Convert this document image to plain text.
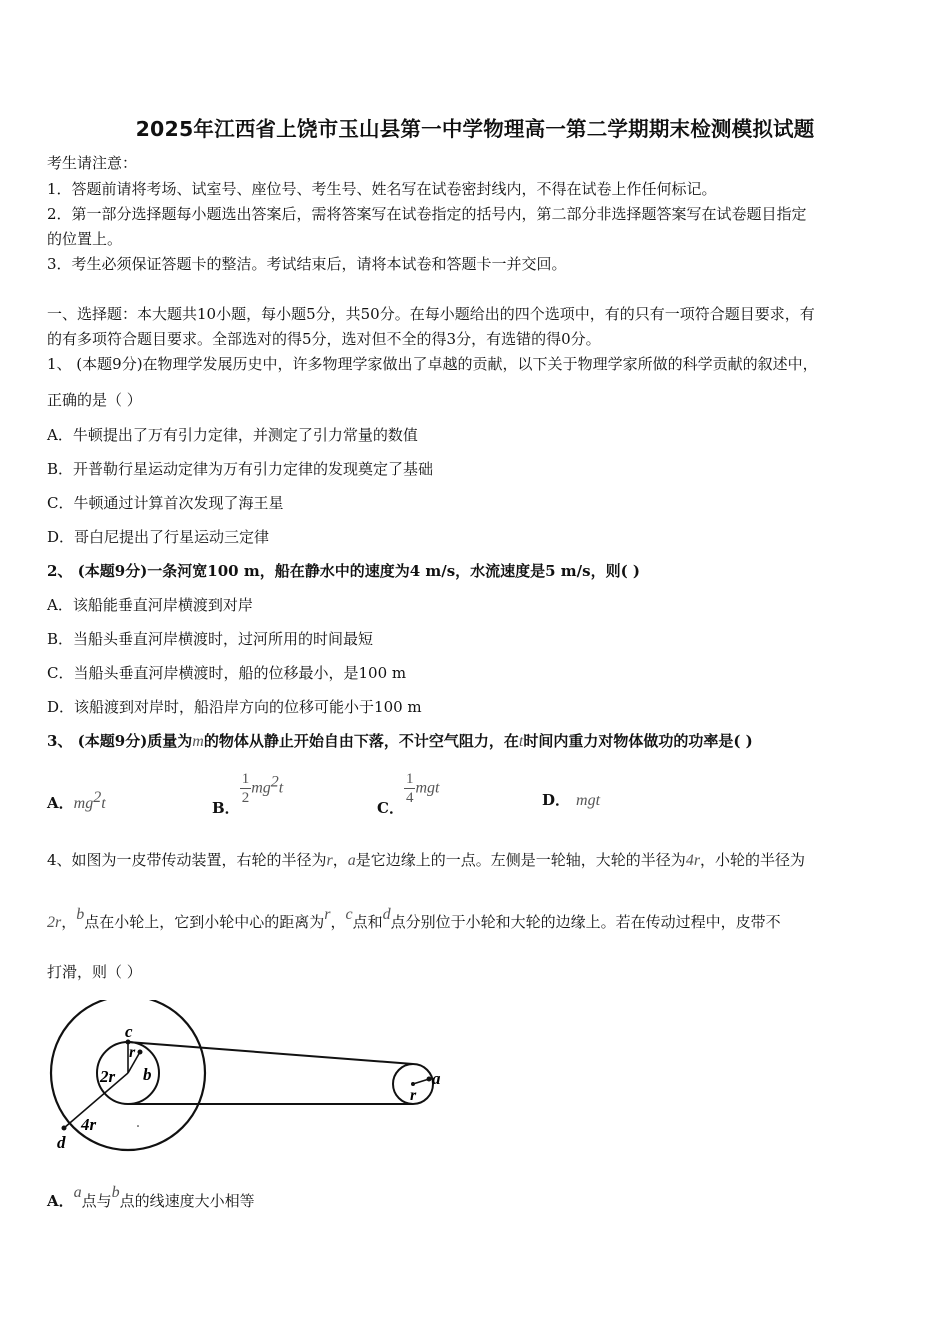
2025年江西省上饶市玉山县第一中学物理高一第二学期期末检测模拟试题
考生请注意：
1．答题前请将考场、试室号、座位号、考生号、姓名写在试卷密封线内，不得在试卷上作任何标记。
2．第一部分选择题每小题选出答案后，需将答案写在试卷指定的括号内，第二部分非选择题答案写在试卷题目指定
的位置上。
3．考生必须保证答题卡的整洁。考试结束后，请将本试卷和答题卡一并交回。
一、选择题：本大题共10小题，每小题5分，共50分。在每小题给出的四个选项中，有的只有一项符合题目要求，有
的有多项符合题目要求。全部选对的得5分，选对但不全的得3分，有选错的得0分。
1、 (本题9分)在物理学发展历史中，许多物理学家做出了卓越的贡献，以下关于物理学家所做的科学贡献的叙述中，
正确的是（ ）
A．牛顿提出了万有引力定律，并测定了引力常量的数值
B．开普勒行星运动定律为万有引力定律的发现奠定了基础
C．牛顿通过计算首次发现了海王星
D．哥白尼提出了行星运动三定律
2、 (本题9分)一条河宽100 m，船在静水中的速度为4 m/s，水流速度是5 m/s，则( )
A．该船能垂直河岸横渡到对岸
B．当船头垂直河岸横渡时，过河所用的时间最短
C．当船头垂直河岸横渡时，船的位移最小，是100 m
D．该船渡到对岸时，船沿岸方向的位移可能小于100 m
3、 (本题9分)质量为m的物体从静止开始自由下落，不计空气阻力，在t时间内重力对物体做功的功率是( )
A．$mg^2t$	B．
$\frac{1}{2} mg^2t$
C．
$\frac{1}{4}$ mgt
D． mgt
4、如图为一皮带传动装置，右轮的半径为r，a是它边缘上的一点。左侧是一轮轴，大轮的半径为4r，小轮的半径为
2r，b点在小轮上，它到小轮中心的距离为r，c点和d点分别位于小轮和大轮的边缘上。若在传动过程中，皮带不
打滑，则（ ）
c
r
2r b
4r
d
r
a
A．a点与b点的线速度大小相等
